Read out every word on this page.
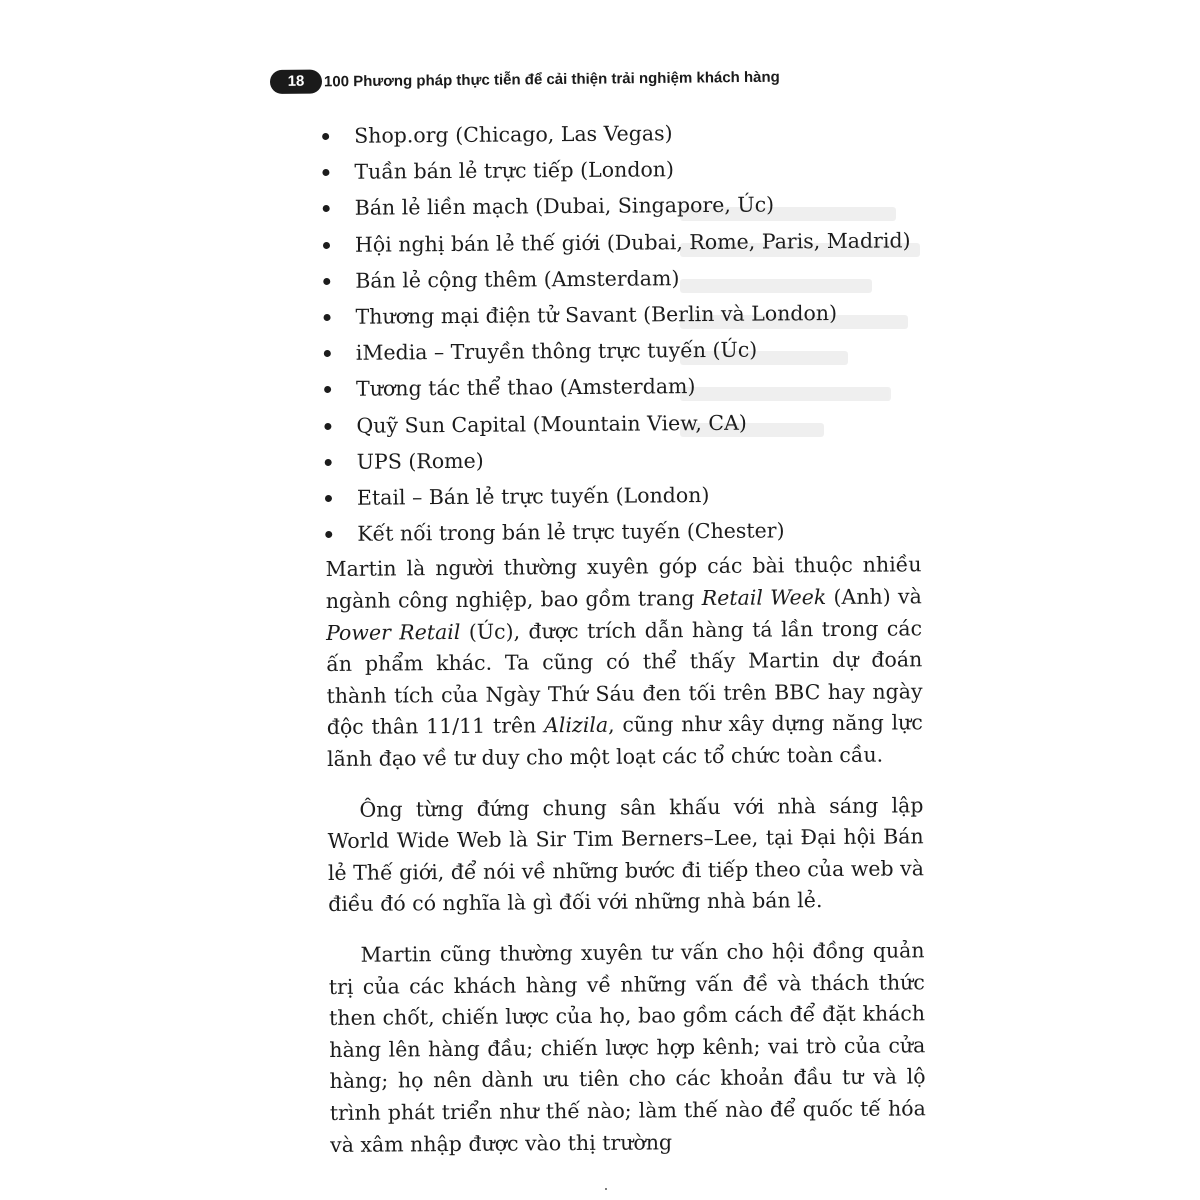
18	100 Phương pháp thực tiễn để cải thiện trải nghiệm khách hàng
Shop.org (Chicago, Las Vegas)
Tuần bán lẻ trực tiếp (London)
Bán lẻ liền mạch (Dubai, Singapore, Úc)
Hội nghị bán lẻ thế giới (Dubai, Rome, Paris, Madrid)
Bán lẻ cộng thêm (Amsterdam)
Thương mại điện tử Savant (Berlin và London)
iMedia – Truyền thông trực tuyến (Úc)
Tương tác thể thao (Amsterdam)
Quỹ Sun Capital (Mountain View, CA)
UPS (Rome)
Etail – Bán lẻ trực tuyến (London)
Kết nối trong bán lẻ trực tuyến (Chester)

Martin là người thường xuyên góp các bài thuộc nhiều ngành công nghiệp, bao gồm trang Retail Week (Anh) và Power Retail (Úc), được trích dẫn hàng tá lần trong các ấn phẩm khác. Ta cũng có thể thấy Martin dự đoán thành tích của Ngày Thứ Sáu đen tối trên BBC hay ngày độc thân 11/11 trên Alizila, cũng như xây dựng năng lực lãnh đạo về tư duy cho một loạt các tổ chức toàn cầu.

Ông từng đứng chung sân khấu với nhà sáng lập World Wide Web là Sir Tim Berners–Lee, tại Đại hội Bán lẻ Thế giới, để nói về những bước đi tiếp theo của web và điều đó có nghĩa là gì đối với những nhà bán lẻ.

Martin cũng thường xuyên tư vấn cho hội đồng quản trị của các khách hàng về những vấn đề và thách thức then chốt, chiến lược của họ, bao gồm cách để đặt khách hàng lên hàng đầu; chiến lược hợp kênh; vai trò của cửa hàng; họ nên dành ưu tiên cho các khoản đầu tư và lộ trình phát triển như thế nào; làm thế nào để quốc tế hóa và xâm nhập được vào thị trường
